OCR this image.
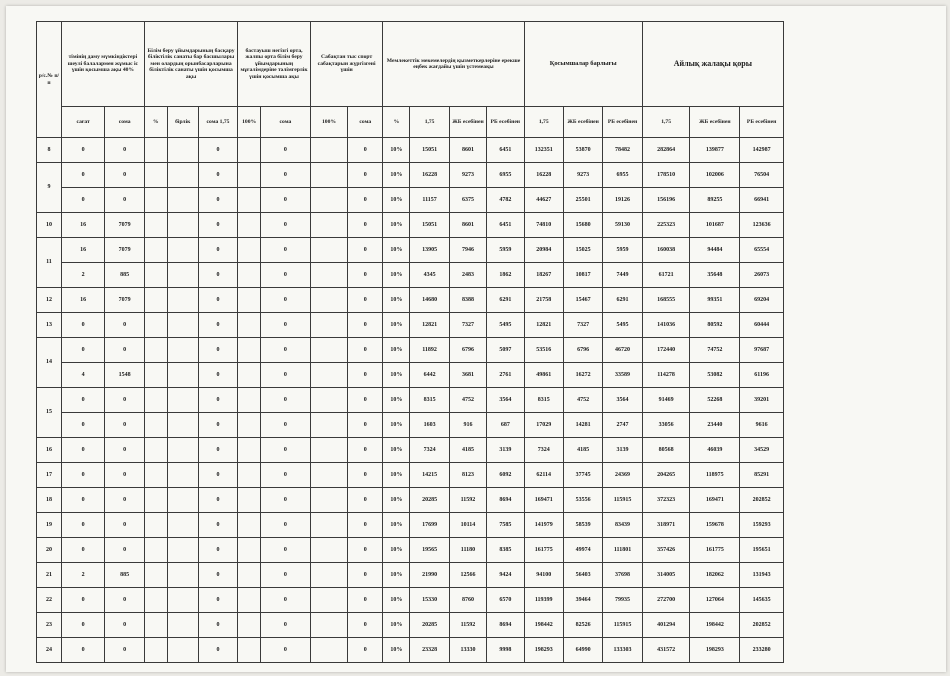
р/с.№ п/п	тімінің даму мүмкіндіктері шеулі балалармен жұмыс іс үшін қосымша ақы 40%		Білім беру ұйымдарының басқару біліктілік санаты бар басшылары мен олардың орынбасарларына біліктілік санаты үшін қосымша ақы			бастауыш негізгі орта, жалпы орта білім беру ұйымдарының мұғалімдеріне тәлімгерлік үшін қосымша ақы		Сабақтан тыс спорт сабақтарын жүргізгені үшін		Мемлекеттік мекемелердің қызметкерлеріне ерекше еңбек жағдайы үшін үстемеақы				Қосымшалар барлығы			Айлық жалақы қоры		
	сағат	сома	%	бірлік	сома 1,75	100%	сома	100%	сома	%	1,75	ЖБ есебінен	РБ есебінен	1,75	ЖБ есебінен	РБ есебінен	1,75	ЖБ есебінен	РБ есебінен
8	0	0			0		0		0	10%	15051	8601	6451	132351	53870	78482	282864	139877	142987
9	0	0			0		0		0	10%	16228	9273	6955	16228	9273	6955	178510	102006	76504
	0	0			0		0		0	10%	11157	6375	4782	44627	25501	19126	156196	89255	66941
10	16	7079			0		0		0	10%	15051	8601	6451	74810	15680	59130	225323	101687	123636
11	16	7079			0		0		0	10%	13905	7946	5959	20984	15025	5959	160038	94484	65554
	2	885			0		0		0	10%	4345	2483	1862	18267	10817	7449	61721	35648	26073
12	16	7079			0		0		0	10%	14680	8388	6291	21758	15467	6291	168555	99351	69204
13	0	0			0		0		0	10%	12821	7327	5495	12821	7327	5495	141036	80592	60444
14	0	0			0		0		0	10%	11892	6796	5097	53516	6796	46720	172440	74752	97687
	4	1548			0		0		0	10%	6442	3681	2761	49861	16272	33589	114278	53082	61196
15	0	0			0		0		0	10%	8315	4752	3564	8315	4752	3564	91469	52268	39201
	0	0			0		0		0	10%	1603	916	687	17029	14281	2747	33056	23440	9616
16	0	0			0		0		0	10%	7324	4185	3139	7324	4185	3139	80568	46039	34529
17	0	0			0		0		0	10%	14215	8123	6092	62114	37745	24369	204265	118975	85291
18	0	0			0		0		0	10%	20285	11592	8694	169471	53556	115915	372323	169471	202852
19	0	0			0		0		0	10%	17699	10114	7585	141979	58539	83439	318971	159678	159293
20	0	0			0		0		0	10%	19565	11180	8385	161775	49974	111801	357426	161775	195651
21	2	885			0		0		0	10%	21990	12566	9424	94100	56403	37698	314005	182062	131943
22	0	0			0		0		0	10%	15330	8760	6570	119399	39464	79935	272700	127064	145635
23	0	0			0		0		0	10%	20285	11592	8694	198442	82526	115915	401294	198442	202852
24	0	0			0		0		0	10%	23328	13330	9998	198293	64990	133303	431572	198293	233280
